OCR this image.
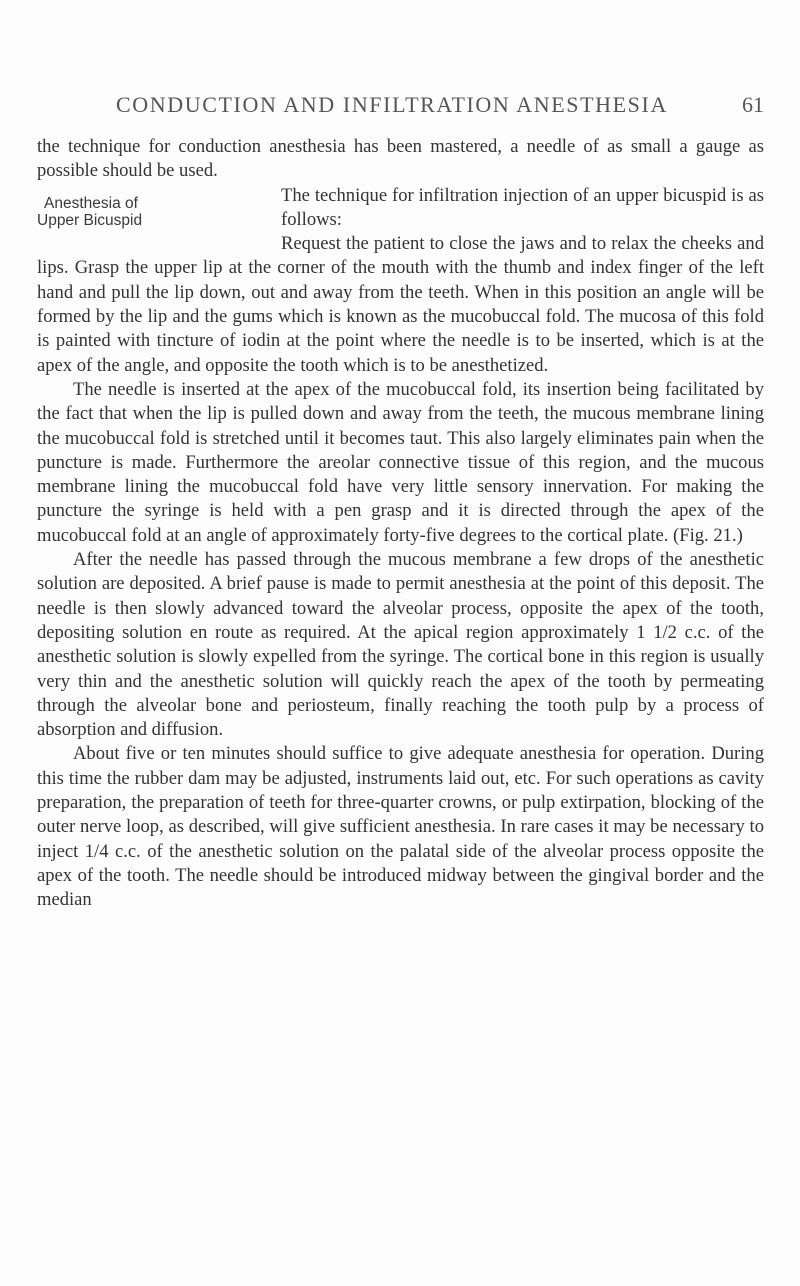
CONDUCTION AND INFILTRATION ANESTHESIA	61

the technique for conduction anesthesia has been mastered, a needle of as small a gauge as possible should be used.

Anesthesia of
Upper Bicuspid

The technique for infiltration injection of an upper bicuspid is as follows:

Request the patient to close the jaws and to relax the cheeks and lips. Grasp the upper lip at the corner of the mouth with the thumb and index finger of the left hand and pull the lip down, out and away from the teeth. When in this position an angle will be formed by the lip and the gums which is known as the mucobuccal fold. The mucosa of this fold is painted with tincture of iodin at the point where the needle is to be inserted, which is at the apex of the angle, and opposite the tooth which is to be anesthetized.

The needle is inserted at the apex of the mucobuccal fold, its insertion being facilitated by the fact that when the lip is pulled down and away from the teeth, the mucous membrane lining the mucobuccal fold is stretched until it becomes taut. This also largely eliminates pain when the puncture is made. Furthermore the areolar connective tissue of this region, and the mucous membrane lining the mucobuccal fold have very little sensory innervation. For making the puncture the syringe is held with a pen grasp and it is directed through the apex of the mucobuccal fold at an angle of approximately forty-five degrees to the cortical plate. (Fig. 21.)

After the needle has passed through the mucous membrane a few drops of the anesthetic solution are deposited. A brief pause is made to permit anesthesia at the point of this deposit. The needle is then slowly advanced toward the alveolar process, opposite the apex of the tooth, depositing solution en route as required. At the apical region approximately 1 1/2 c.c. of the anesthetic solution is slowly expelled from the syringe. The cortical bone in this region is usually very thin and the anesthetic solution will quickly reach the apex of the tooth by permeating through the alveolar bone and periosteum, finally reaching the tooth pulp by a process of absorption and diffusion.

About five or ten minutes should suffice to give adequate anesthesia for operation. During this time the rubber dam may be adjusted, instruments laid out, etc. For such operations as cavity preparation, the preparation of teeth for three-quarter crowns, or pulp extirpation, blocking of the outer nerve loop, as described, will give sufficient anesthesia. In rare cases it may be necessary to inject 1/4 c.c. of the anesthetic solution on the palatal side of the alveolar process opposite the apex of the tooth. The needle should be introduced midway between the gingival border and the median
